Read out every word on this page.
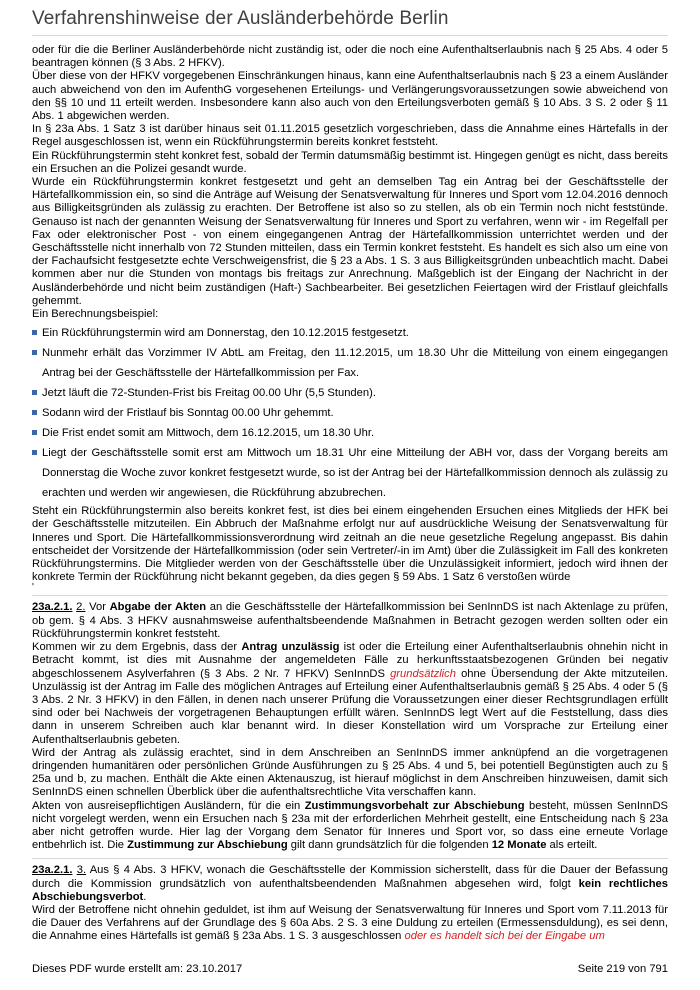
Verfahrenshinweise der Ausländerbehörde Berlin

oder für die die Berliner Ausländerbehörde nicht zuständig ist, oder die noch eine Aufenthaltserlaubnis nach § 25 Abs. 4 oder 5 beantragen können (§ 3 Abs. 2 HFKV).

Über diese von der HFKV vorgegebenen Einschränkungen hinaus, kann eine Aufenthaltserlaubnis nach § 23 a einem Ausländer auch abweichend von den im AufenthG vorgesehenen Erteilungs- und Verlängerungsvoraussetzungen sowie abweichend von den §§ 10 und 11 erteilt werden. Insbesondere kann also auch von den Erteilungsverboten gemäß § 10 Abs. 3 S. 2 oder § 11 Abs. 1 abgewichen werden.

In § 23a Abs. 1 Satz 3 ist darüber hinaus seit 01.11.2015 gesetzlich vorgeschrieben, dass die Annahme eines Härtefalls in der Regel ausgeschlossen ist, wenn ein Rückführungstermin bereits konkret feststeht.

Ein Rückführungstermin steht konkret fest, sobald der Termin datumsmäßig bestimmt ist. Hingegen genügt es nicht, dass bereits ein Ersuchen an die Polizei gesandt wurde.

Wurde ein Rückführungstermin konkret festgesetzt und geht an demselben Tag ein Antrag bei der Geschäftsstelle der Härtefallkommission ein, so sind die Anträge auf Weisung der Senatsverwaltung für Inneres und Sport vom 12.04.2016 dennoch aus Billigkeitsgründen als zulässig zu erachten. Der Betroffene ist also so zu stellen, als ob ein Termin noch nicht feststünde. Genauso ist nach der genannten Weisung der Senatsverwaltung für Inneres und Sport zu verfahren, wenn wir - im Regelfall per Fax oder elektronischer Post - von einem eingegangenen Antrag der Härtefallkommission unterrichtet werden und der Geschäftsstelle nicht innerhalb von 72 Stunden mitteilen, dass ein Termin konkret feststeht. Es handelt es sich also um eine von der Fachaufsicht festgesetzte echte Verschweigensfrist, die § 23 a Abs. 1 S. 3 aus Billigkeitsgründen unbeachtlich macht. Dabei kommen aber nur die Stunden von montags bis freitags zur Anrechnung. Maßgeblich ist der Eingang der Nachricht in der Ausländerbehörde und nicht beim zuständigen (Haft-) Sachbearbeiter. Bei gesetzlichen Feiertagen wird der Fristlauf gleichfalls gehemmt.

Ein Berechnungsbeispiel:

Ein Rückführungstermin wird am Donnerstag, den 10.12.2015 festgesetzt.
Nunmehr erhält das Vorzimmer IV AbtL am Freitag, den 11.12.2015, um 18.30 Uhr die Mitteilung von einem eingegangen Antrag bei der Geschäftsstelle der Härtefallkommission per Fax.
Jetzt läuft die 72-Stunden-Frist bis Freitag 00.00 Uhr (5,5 Stunden).
Sodann wird der Fristlauf bis Sonntag 00.00 Uhr gehemmt.
Die Frist endet somit am Mittwoch, dem 16.12.2015, um 18.30 Uhr.
Liegt der Geschäftsstelle somit erst am Mittwoch um 18.31 Uhr eine Mitteilung der ABH vor, dass der Vorgang bereits am Donnerstag die Woche zuvor konkret festgesetzt wurde, so ist der Antrag bei der Härtefallkommission dennoch als zulässig zu erachten und werden wir angewiesen, die Rückführung abzubrechen.

Steht ein Rückführungstermin also bereits konkret fest, ist dies bei einem eingehenden Ersuchen eines Mitglieds der HFK bei der Geschäftsstelle mitzuteilen. Ein Abbruch der Maßnahme erfolgt nur auf ausdrückliche Weisung der Senatsverwaltung für Inneres und Sport. Die Härtefallkommissionsverordnung wird zeitnah an die neue gesetzliche Regelung angepasst. Bis dahin entscheidet der Vorsitzende der Härtefallkommission (oder sein Vertreter/-in im Amt) über die Zulässigkeit im Fall des konkreten Rückführungstermins. Die Mitglieder werden von der Geschäftsstelle über die Unzulässigkeit informiert, jedoch wird ihnen der konkrete Termin der Rückführung nicht bekannt gegeben, da dies gegen § 59 Abs. 1 Satz 6 verstoßen würde

'

23a.2.1. 2. Vor Abgabe der Akten an die Geschäftsstelle der Härtefallkommission bei SenInnDS ist nach Aktenlage zu prüfen, ob gem. § 4 Abs. 3 HFKV ausnahmsweise aufenthaltsbeendende Maßnahmen in Betracht gezogen werden sollten oder ein Rückführungstermin konkret feststeht.

Kommen wir zu dem Ergebnis, dass der Antrag unzulässig ist oder die Erteilung einer Aufenthaltserlaubnis ohnehin nicht in Betracht kommt, ist dies mit Ausnahme der angemeldeten Fälle zu herkunftsstaatsbezogenen Gründen bei negativ abgeschlossenem Asylverfahren (§ 3 Abs. 2 Nr. 7 HFKV) SenInnDS grundsätzlich ohne Übersendung der Akte mitzuteilen. Unzulässig ist der Antrag im Falle des möglichen Antrages auf Erteilung einer Aufenthaltserlaubnis gemäß § 25 Abs. 4 oder 5 (§ 3 Abs. 2 Nr. 3 HFKV) in den Fällen, in denen nach unserer Prüfung die Voraussetzungen einer dieser Rechtsgrundlagen erfüllt sind oder bei Nachweis der vorgetragenen Behauptungen erfüllt wären. SenInnDS legt Wert auf die Feststellung, dass dies dann in unserem Schreiben auch klar benannt wird. In dieser Konstellation wird um Vorsprache zur Erteilung einer Aufenthaltserlaubnis gebeten.

Wird der Antrag als zulässig erachtet, sind in dem Anschreiben an SenInnDS immer anknüpfend an die vorgetragenen dringenden humanitären oder persönlichen Gründe Ausführungen zu § 25 Abs. 4 und 5, bei potentiell Begünstigten auch zu § 25a und b, zu machen. Enthält die Akte einen Aktenauszug, ist hierauf möglichst in dem Anschreiben hinzuweisen, damit sich SenInnDS einen schnellen Überblick über die aufenthaltsrechtliche Vita verschaffen kann.

Akten von ausreisepflichtigen Ausländern, für die ein Zustimmungsvorbehalt zur Abschiebung besteht, müssen SenInnDS nicht vorgelegt werden, wenn ein Ersuchen nach § 23a mit der erforderlichen Mehrheit gestellt, eine Entscheidung nach § 23a aber nicht getroffen wurde. Hier lag der Vorgang dem Senator für Inneres und Sport vor, so dass eine erneute Vorlage entbehrlich ist. Die Zustimmung zur Abschiebung gilt dann grundsätzlich für die folgenden 12 Monate als erteilt.

23a.2.1. 3. Aus § 4 Abs. 3 HFKV, wonach die Geschäftsstelle der Kommission sicherstellt, dass für die Dauer der Befassung durch die Kommission grundsätzlich von aufenthaltsbeendenden Maßnahmen abgesehen wird, folgt kein rechtliches Abschiebungsverbot.

Wird der Betroffene nicht ohnehin geduldet, ist ihm auf Weisung der Senatsverwaltung für Inneres und Sport vom 7.11.2013 für die Dauer des Verfahrens auf der Grundlage des § 60a Abs. 2 S. 3 eine Duldung zu erteilen (Ermessensduldung), es sei denn, die Annahme eines Härtefalls ist gemäß § 23a Abs. 1 S. 3 ausgeschlossen oder es handelt sich bei der Eingabe um

Dieses PDF wurde erstellt am: 23.10.2017	Seite 219 von 791
